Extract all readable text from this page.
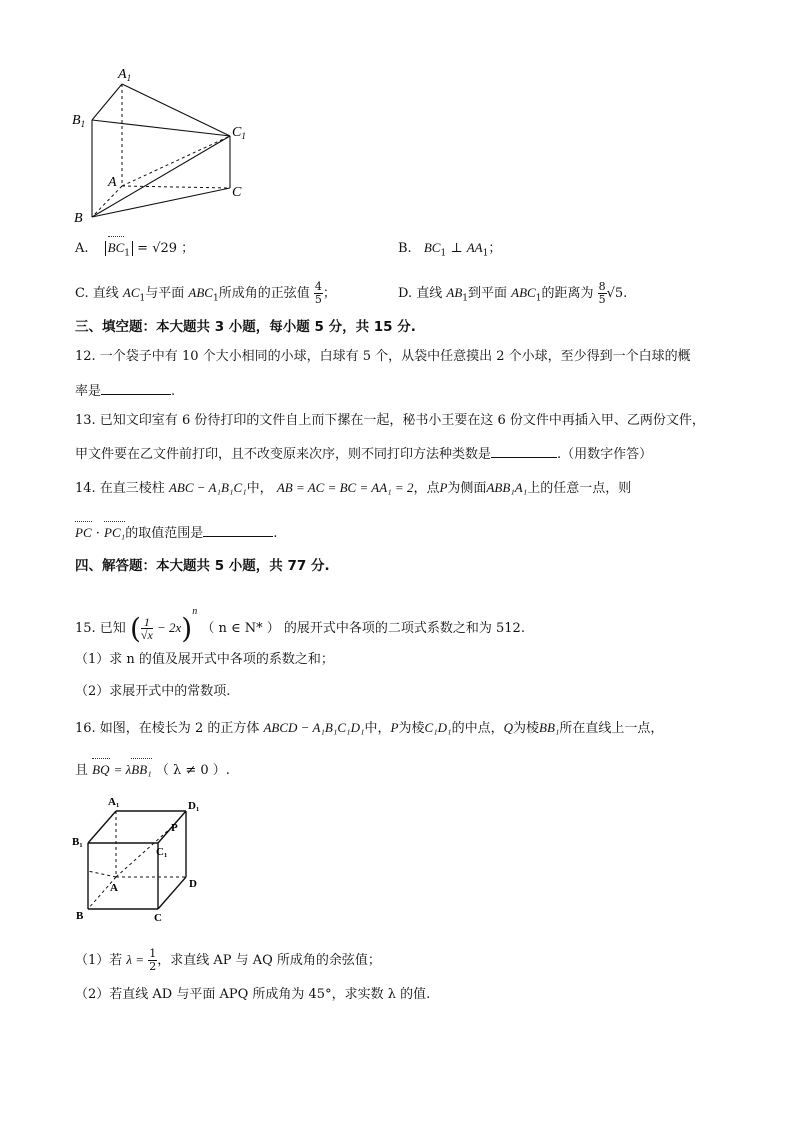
$A_1$
$B_1$
$C_1$
A
C
B
A. $BC_1 = √29$ ；	B. $BC_1$ ⊥ $AA_1$；
C. 直线 $AC_1$与平面 $ABC_1$所成角的正弦值 $\frac{4}{5}$ ；	D. 直线 $AB_1$到平面 $ABC_1$的距离为 $\frac{8}{5} √5$.
三、填空题：本大题共 3 小题，每小题 5 分，共 15 分.
12. 一个袋子中有 10 个大小相同的小球，白球有 5 个，从袋中任意摸出 2 个小球，至少得到一个白球的概
率是	.
13. 已知文印室有 6 份待打印的文件自上而下摞在一起，秘书小王要在这 6 份文件中再插入甲、乙两份文件，
甲文件要在乙文件前打印，且不改变原来次序，则不同打印方法种类数是	.（用数字作答）
14. 在直三棱柱 ABC − A₁B₁C₁中， AB = AC = BC = AA₁ = 2，点P为侧面ABB₁A₁上的任意一点，则
PC · PC₁的取值范围是	.
四、解答题：本大题共 5 小题，共 77 分.
15. 已知 ( $\frac{1}{√x} - 2x)^n$ （ n ∈ N* ） 的展开式中各项的二项式系数之和为 512.
（1）求 n 的值及展开式中各项的系数之和；
（2）求展开式中的常数项.
16. 如图，在棱长为 2 的正方体 ABCD − A₁B₁C₁D₁中，P为棱C₁D₁的中点，Q为棱BB₁所在直线上一点，
且 BQ = λBB₁ （ λ ≠ 0 ）.
A₁	D₁
B₁
C₁
P
A	D
B	C
（1）若 $\lambda = \frac{1}{2}$ ，求直线 AP 与 AQ 所成角的余弦值；
（2）若直线 AD 与平面 APQ 所成角为 45°，求实数 λ 的值.
